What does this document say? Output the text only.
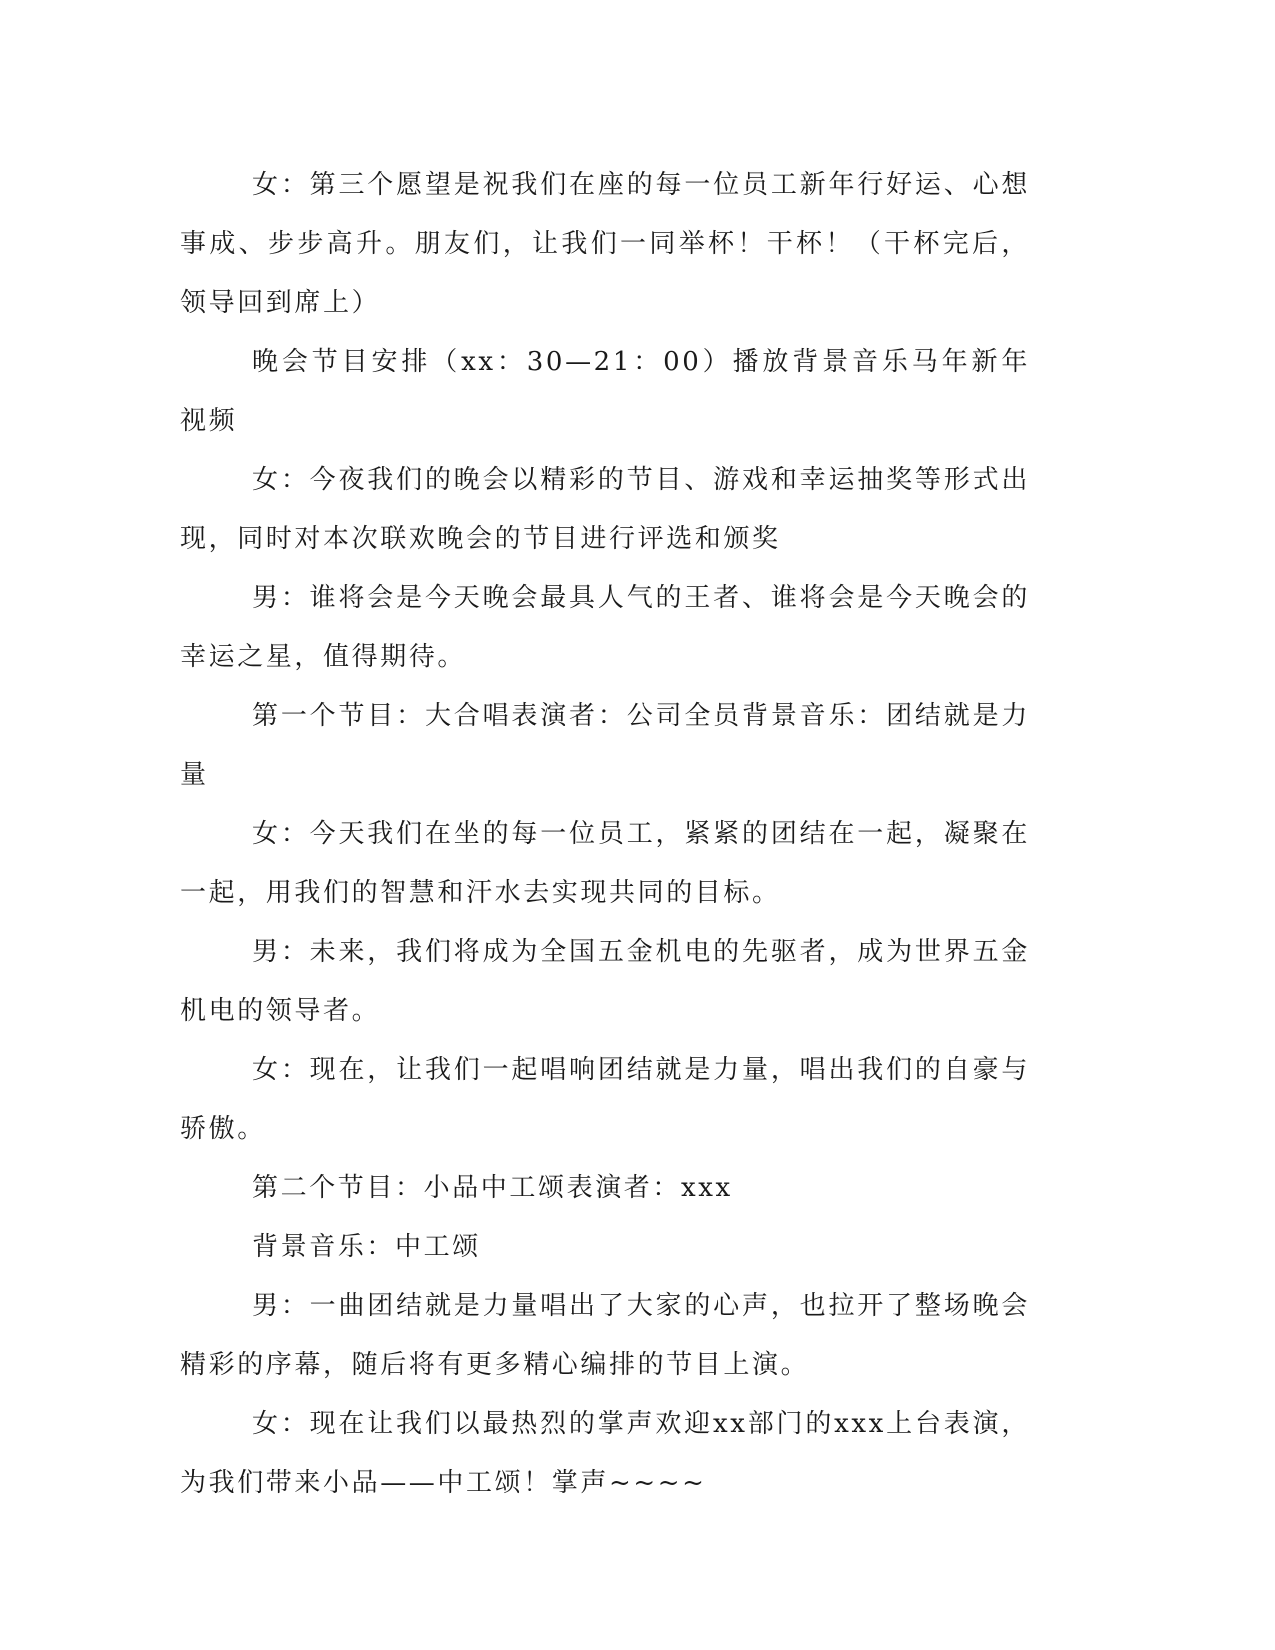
女：第三个愿望是祝我们在座的每一位员工新年行好运、心想事成、步步高升。朋友们，让我们一同举杯！干杯！（干杯完后，领导回到席上）

晚会节目安排（xx：30—21：00）播放背景音乐马年新年视频

女：今夜我们的晚会以精彩的节目、游戏和幸运抽奖等形式出现，同时对本次联欢晚会的节目进行评选和颁奖

男：谁将会是今天晚会最具人气的王者、谁将会是今天晚会的幸运之星，值得期待。

第一个节目：大合唱表演者：公司全员背景音乐：团结就是力量

女：今天我们在坐的每一位员工，紧紧的团结在一起，凝聚在一起，用我们的智慧和汗水去实现共同的目标。

男：未来，我们将成为全国五金机电的先驱者，成为世界五金机电的领导者。

女：现在，让我们一起唱响团结就是力量，唱出我们的自豪与骄傲。

第二个节目：小品中工颂表演者：xxx

背景音乐：中工颂

男：一曲团结就是力量唱出了大家的心声，也拉开了整场晚会精彩的序幕，随后将有更多精心编排的节目上演。

女：现在让我们以最热烈的掌声欢迎xx部门的xxx上台表演，为我们带来小品——中工颂！掌声~~~~
